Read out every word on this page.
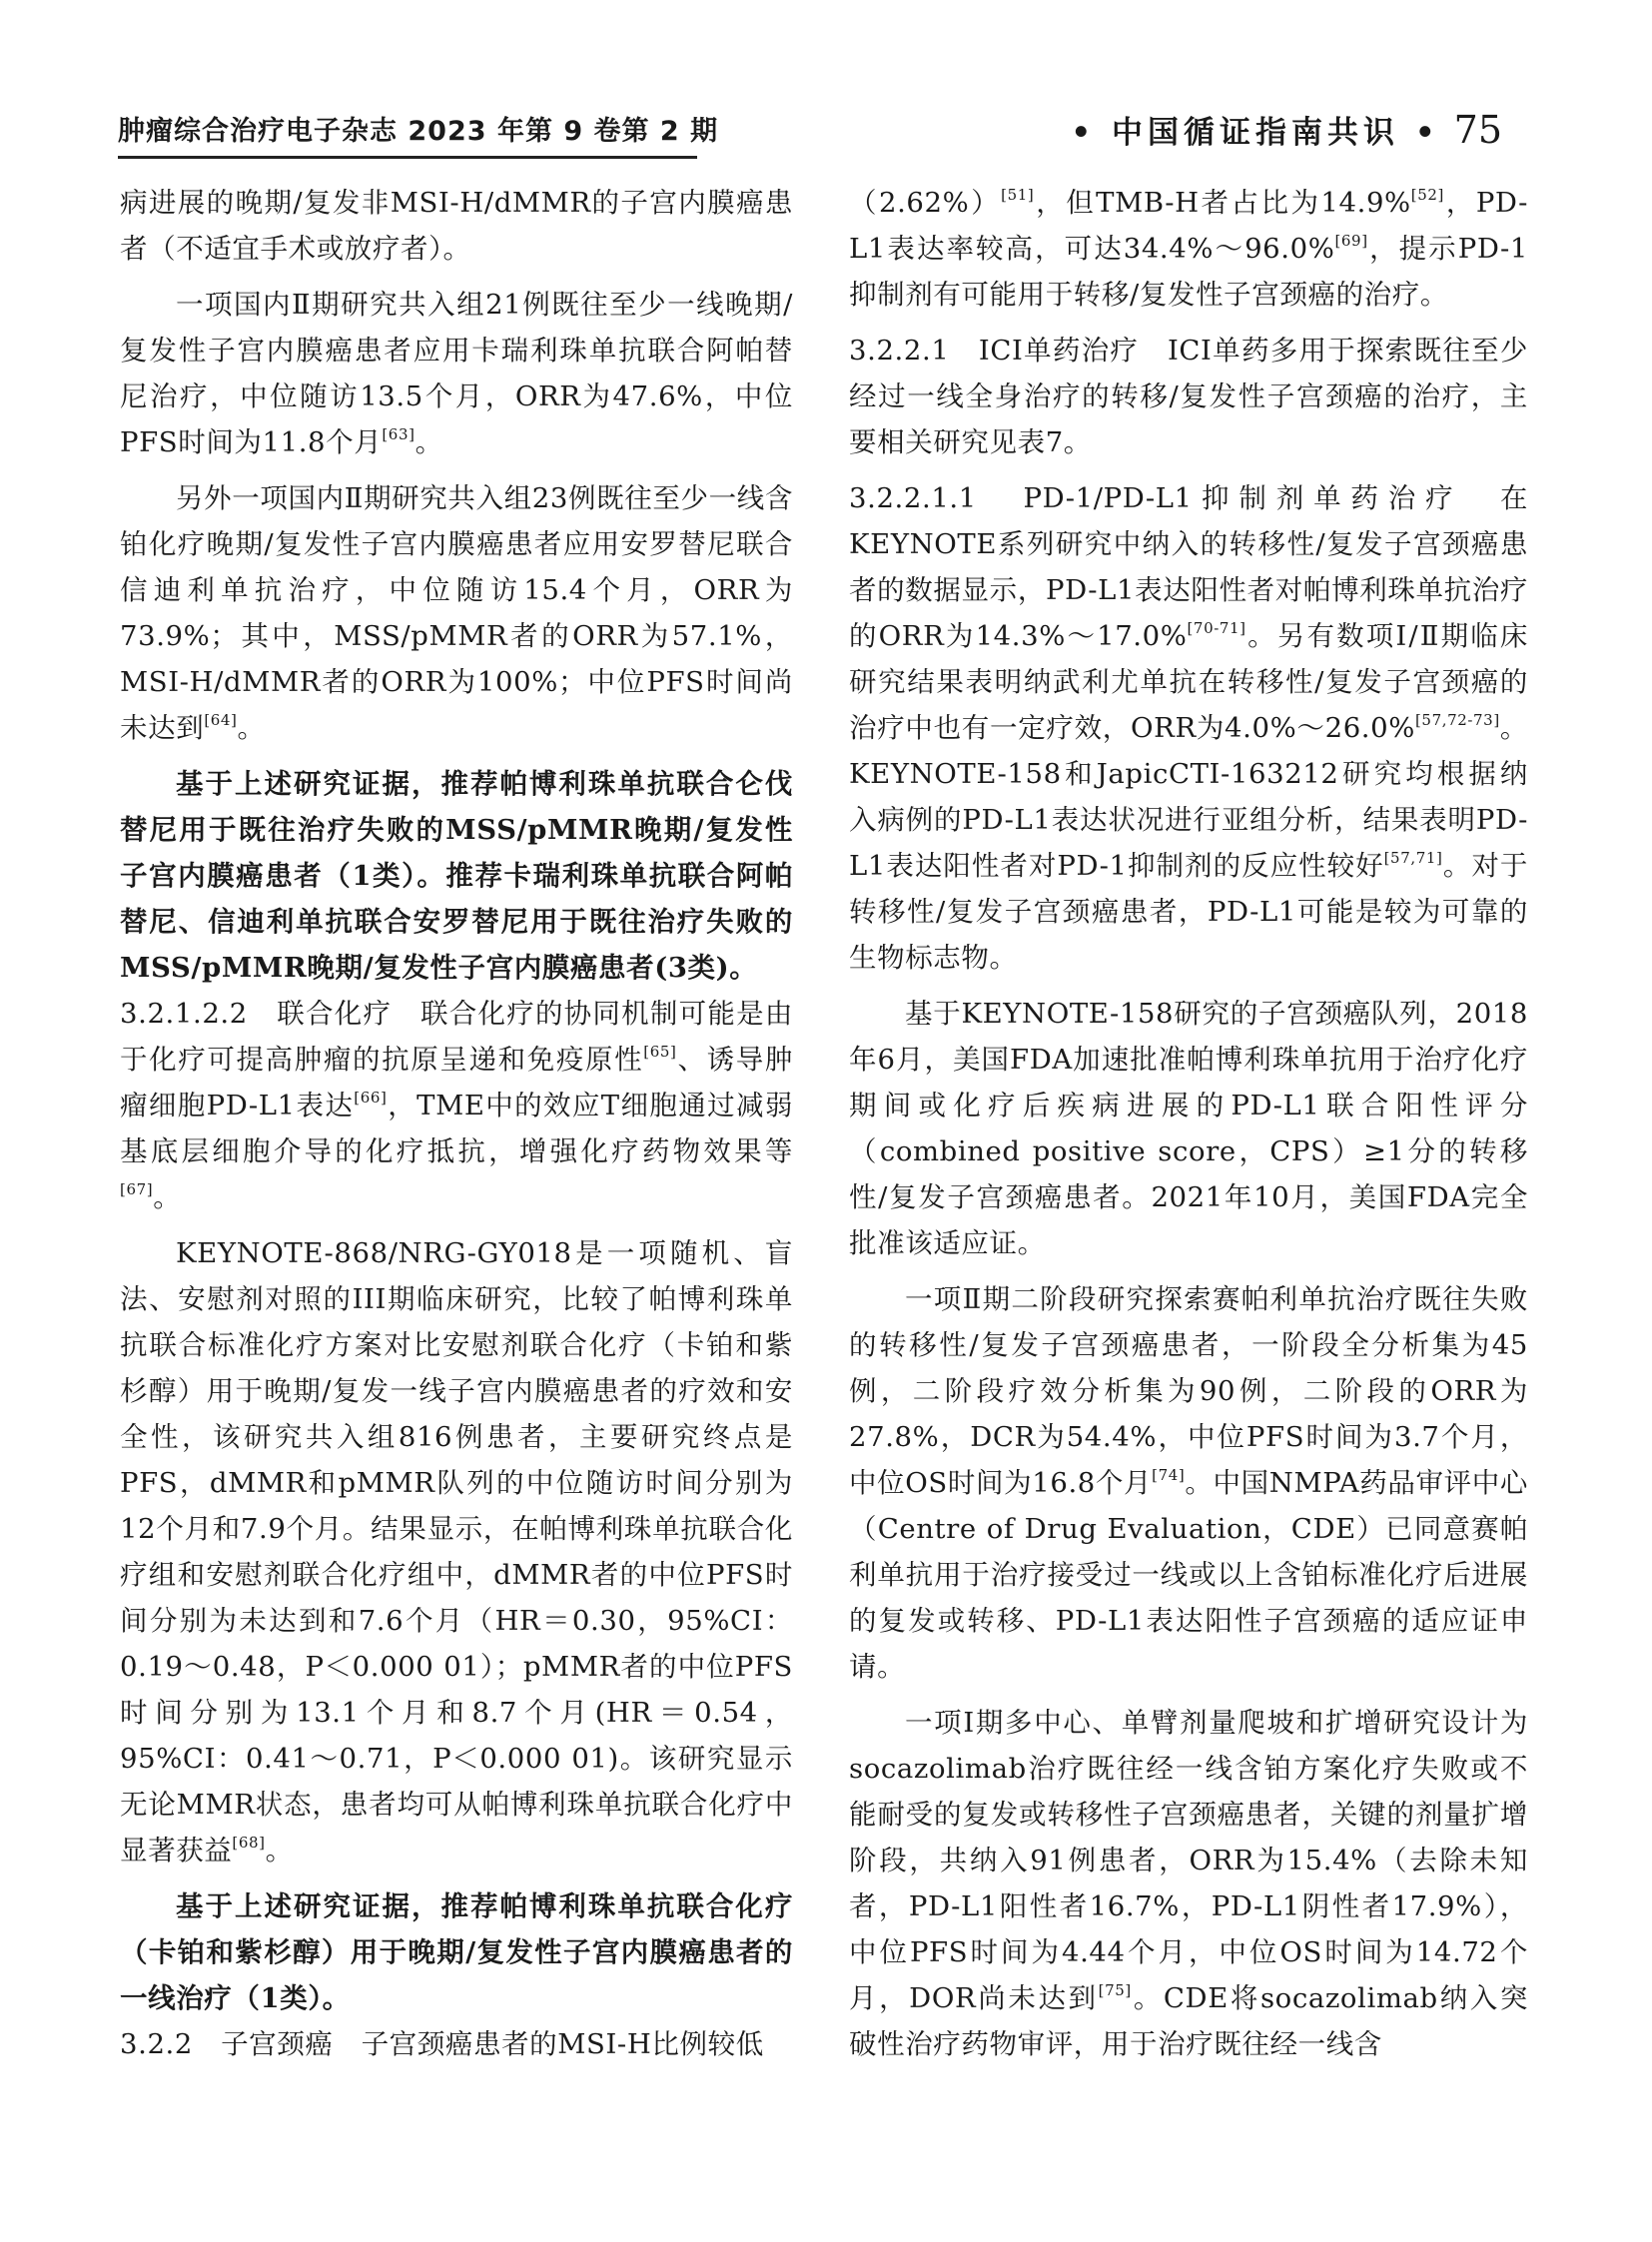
肿瘤综合治疗电子杂志 2023 年第 9 卷第 2 期	• 中国循证指南共识 • 75

病进展的晚期/复发非MSI-H/dMMR的子宫内膜癌患者（不适宜手术或放疗者）。

一项国内Ⅱ期研究共入组21例既往至少一线晚期/复发性子宫内膜癌患者应用卡瑞利珠单抗联合阿帕替尼治疗，中位随访13.5个月，ORR为47.6%，中位PFS时间为11.8个月[63]。

另外一项国内Ⅱ期研究共入组23例既往至少一线含铂化疗晚期/复发性子宫内膜癌患者应用安罗替尼联合信迪利单抗治疗，中位随访15.4个月，ORR为73.9%；其中，MSS/pMMR者的ORR为57.1%，MSI-H/dMMR者的ORR为100%；中位PFS时间尚未达到[64]。

基于上述研究证据，推荐帕博利珠单抗联合仑伐替尼用于既往治疗失败的MSS/pMMR晚期/复发性子宫内膜癌患者（1类）。推荐卡瑞利珠单抗联合阿帕替尼、信迪利单抗联合安罗替尼用于既往治疗失败的MSS/pMMR晚期/复发性子宫内膜癌患者(3类)。

3.2.1.2.2　联合化疗　联合化疗的协同机制可能是由于化疗可提高肿瘤的抗原呈递和免疫原性[65]、诱导肿瘤细胞PD-L1表达[66]，TME中的效应T细胞通过减弱基底层细胞介导的化疗抵抗，增强化疗药物效果等[67]。

KEYNOTE-868/NRG-GY018是一项随机、盲法、安慰剂对照的III期临床研究，比较了帕博利珠单抗联合标准化疗方案对比安慰剂联合化疗（卡铂和紫杉醇）用于晚期/复发一线子宫内膜癌患者的疗效和安全性，该研究共入组816例患者，主要研究终点是PFS，dMMR和pMMR队列的中位随访时间分别为12个月和7.9个月。结果显示，在帕博利珠单抗联合化疗组和安慰剂联合化疗组中，dMMR者的中位PFS时间分别为未达到和7.6个月（HR＝0.30，95%CI：0.19～0.48，P＜0.000 01）；pMMR者的中位PFS时间分别为13.1个月和8.7个月(HR＝0.54，95%CI：0.41～0.71，P＜0.000 01)。该研究显示无论MMR状态，患者均可从帕博利珠单抗联合化疗中显著获益[68]。

基于上述研究证据，推荐帕博利珠单抗联合化疗（卡铂和紫杉醇）用于晚期/复发性子宫内膜癌患者的一线治疗（1类）。

3.2.2　子宫颈癌　子宫颈癌患者的MSI-H比例较低

（2.62%）[51]，但TMB-H者占比为14.9%[52]，PD-L1表达率较高，可达34.4%～96.0%[69]，提示PD-1抑制剂有可能用于转移/复发性子宫颈癌的治疗。

3.2.2.1　ICI单药治疗　ICI单药多用于探索既往至少经过一线全身治疗的转移/复发性子宫颈癌的治疗，主要相关研究见表7。

3.2.2.1.1　PD-1/PD-L1抑制剂单药治疗　在KEYNOTE系列研究中纳入的转移性/复发子宫颈癌患者的数据显示，PD-L1表达阳性者对帕博利珠单抗治疗的ORR为14.3%～17.0%[70-71]。另有数项Ⅰ/Ⅱ期临床研究结果表明纳武利尤单抗在转移性/复发子宫颈癌的治疗中也有一定疗效，ORR为4.0%～26.0%[57,72-73]。KEYNOTE-158和JapicCTI-163212研究均根据纳入病例的PD-L1表达状况进行亚组分析，结果表明PD-L1表达阳性者对PD-1抑制剂的反应性较好[57,71]。对于转移性/复发子宫颈癌患者，PD-L1可能是较为可靠的生物标志物。

基于KEYNOTE-158研究的子宫颈癌队列，2018年6月，美国FDA加速批准帕博利珠单抗用于治疗化疗期间或化疗后疾病进展的PD-L1联合阳性评分（combined positive score，CPS）≥1分的转移性/复发子宫颈癌患者。2021年10月，美国FDA完全批准该适应证。

一项Ⅱ期二阶段研究探索赛帕利单抗治疗既往失败的转移性/复发子宫颈癌患者，一阶段全分析集为45例，二阶段疗效分析集为90例，二阶段的ORR为27.8%，DCR为54.4%，中位PFS时间为3.7个月，中位OS时间为16.8个月[74]。中国NMPA药品审评中心（Centre of Drug Evaluation，CDE）已同意赛帕利单抗用于治疗接受过一线或以上含铂标准化疗后进展的复发或转移、PD-L1表达阳性子宫颈癌的适应证申请。

一项Ⅰ期多中心、单臂剂量爬坡和扩增研究设计为socazolimab治疗既往经一线含铂方案化疗失败或不能耐受的复发或转移性子宫颈癌患者，关键的剂量扩增阶段，共纳入91例患者，ORR为15.4%（去除未知者，PD-L1阳性者16.7%，PD-L1阴性者17.9%），中位PFS时间为4.44个月，中位OS时间为14.72个月，DOR尚未达到[75]。CDE将socazolimab纳入突破性治疗药物审评，用于治疗既往经一线含
